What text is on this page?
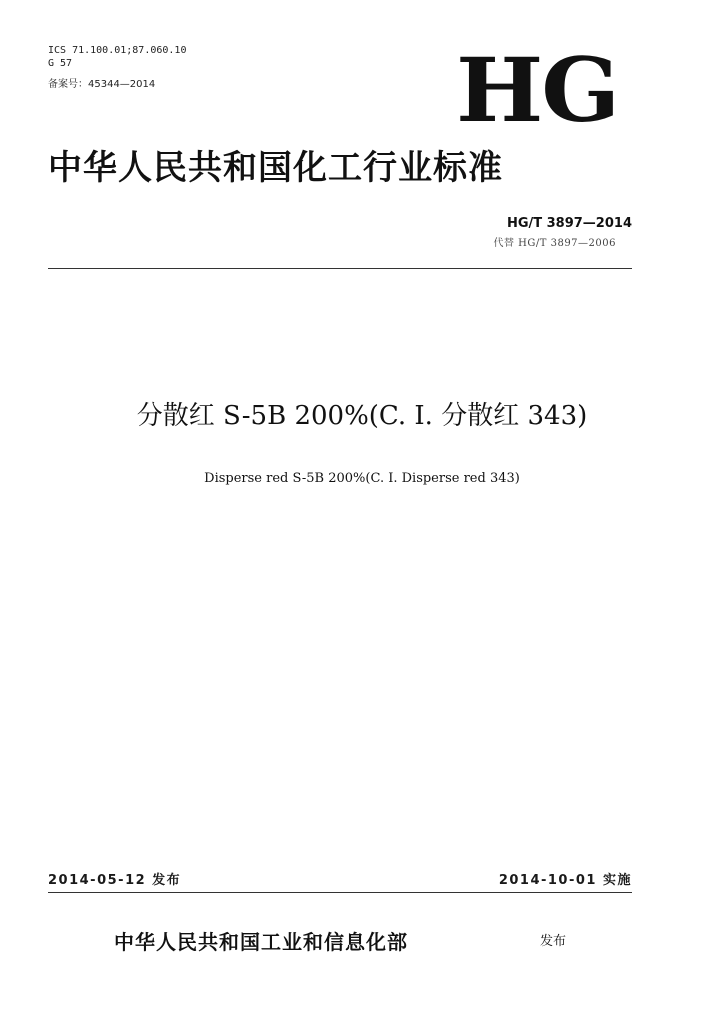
ICS 71.100.01;87.060.10
G 57
备案号：45344—2014	HG
中华人民共和国化工行业标准
HG/T 3897—2014
代替 HG/T 3897—2006
分散红 S-5B 200%(C. I. 分散红 343)
Disperse red S-5B 200%(C. I. Disperse red 343)
2014-05-12 发布	2014-10-01 实施
中华人民共和国工业和信息化部	发布
